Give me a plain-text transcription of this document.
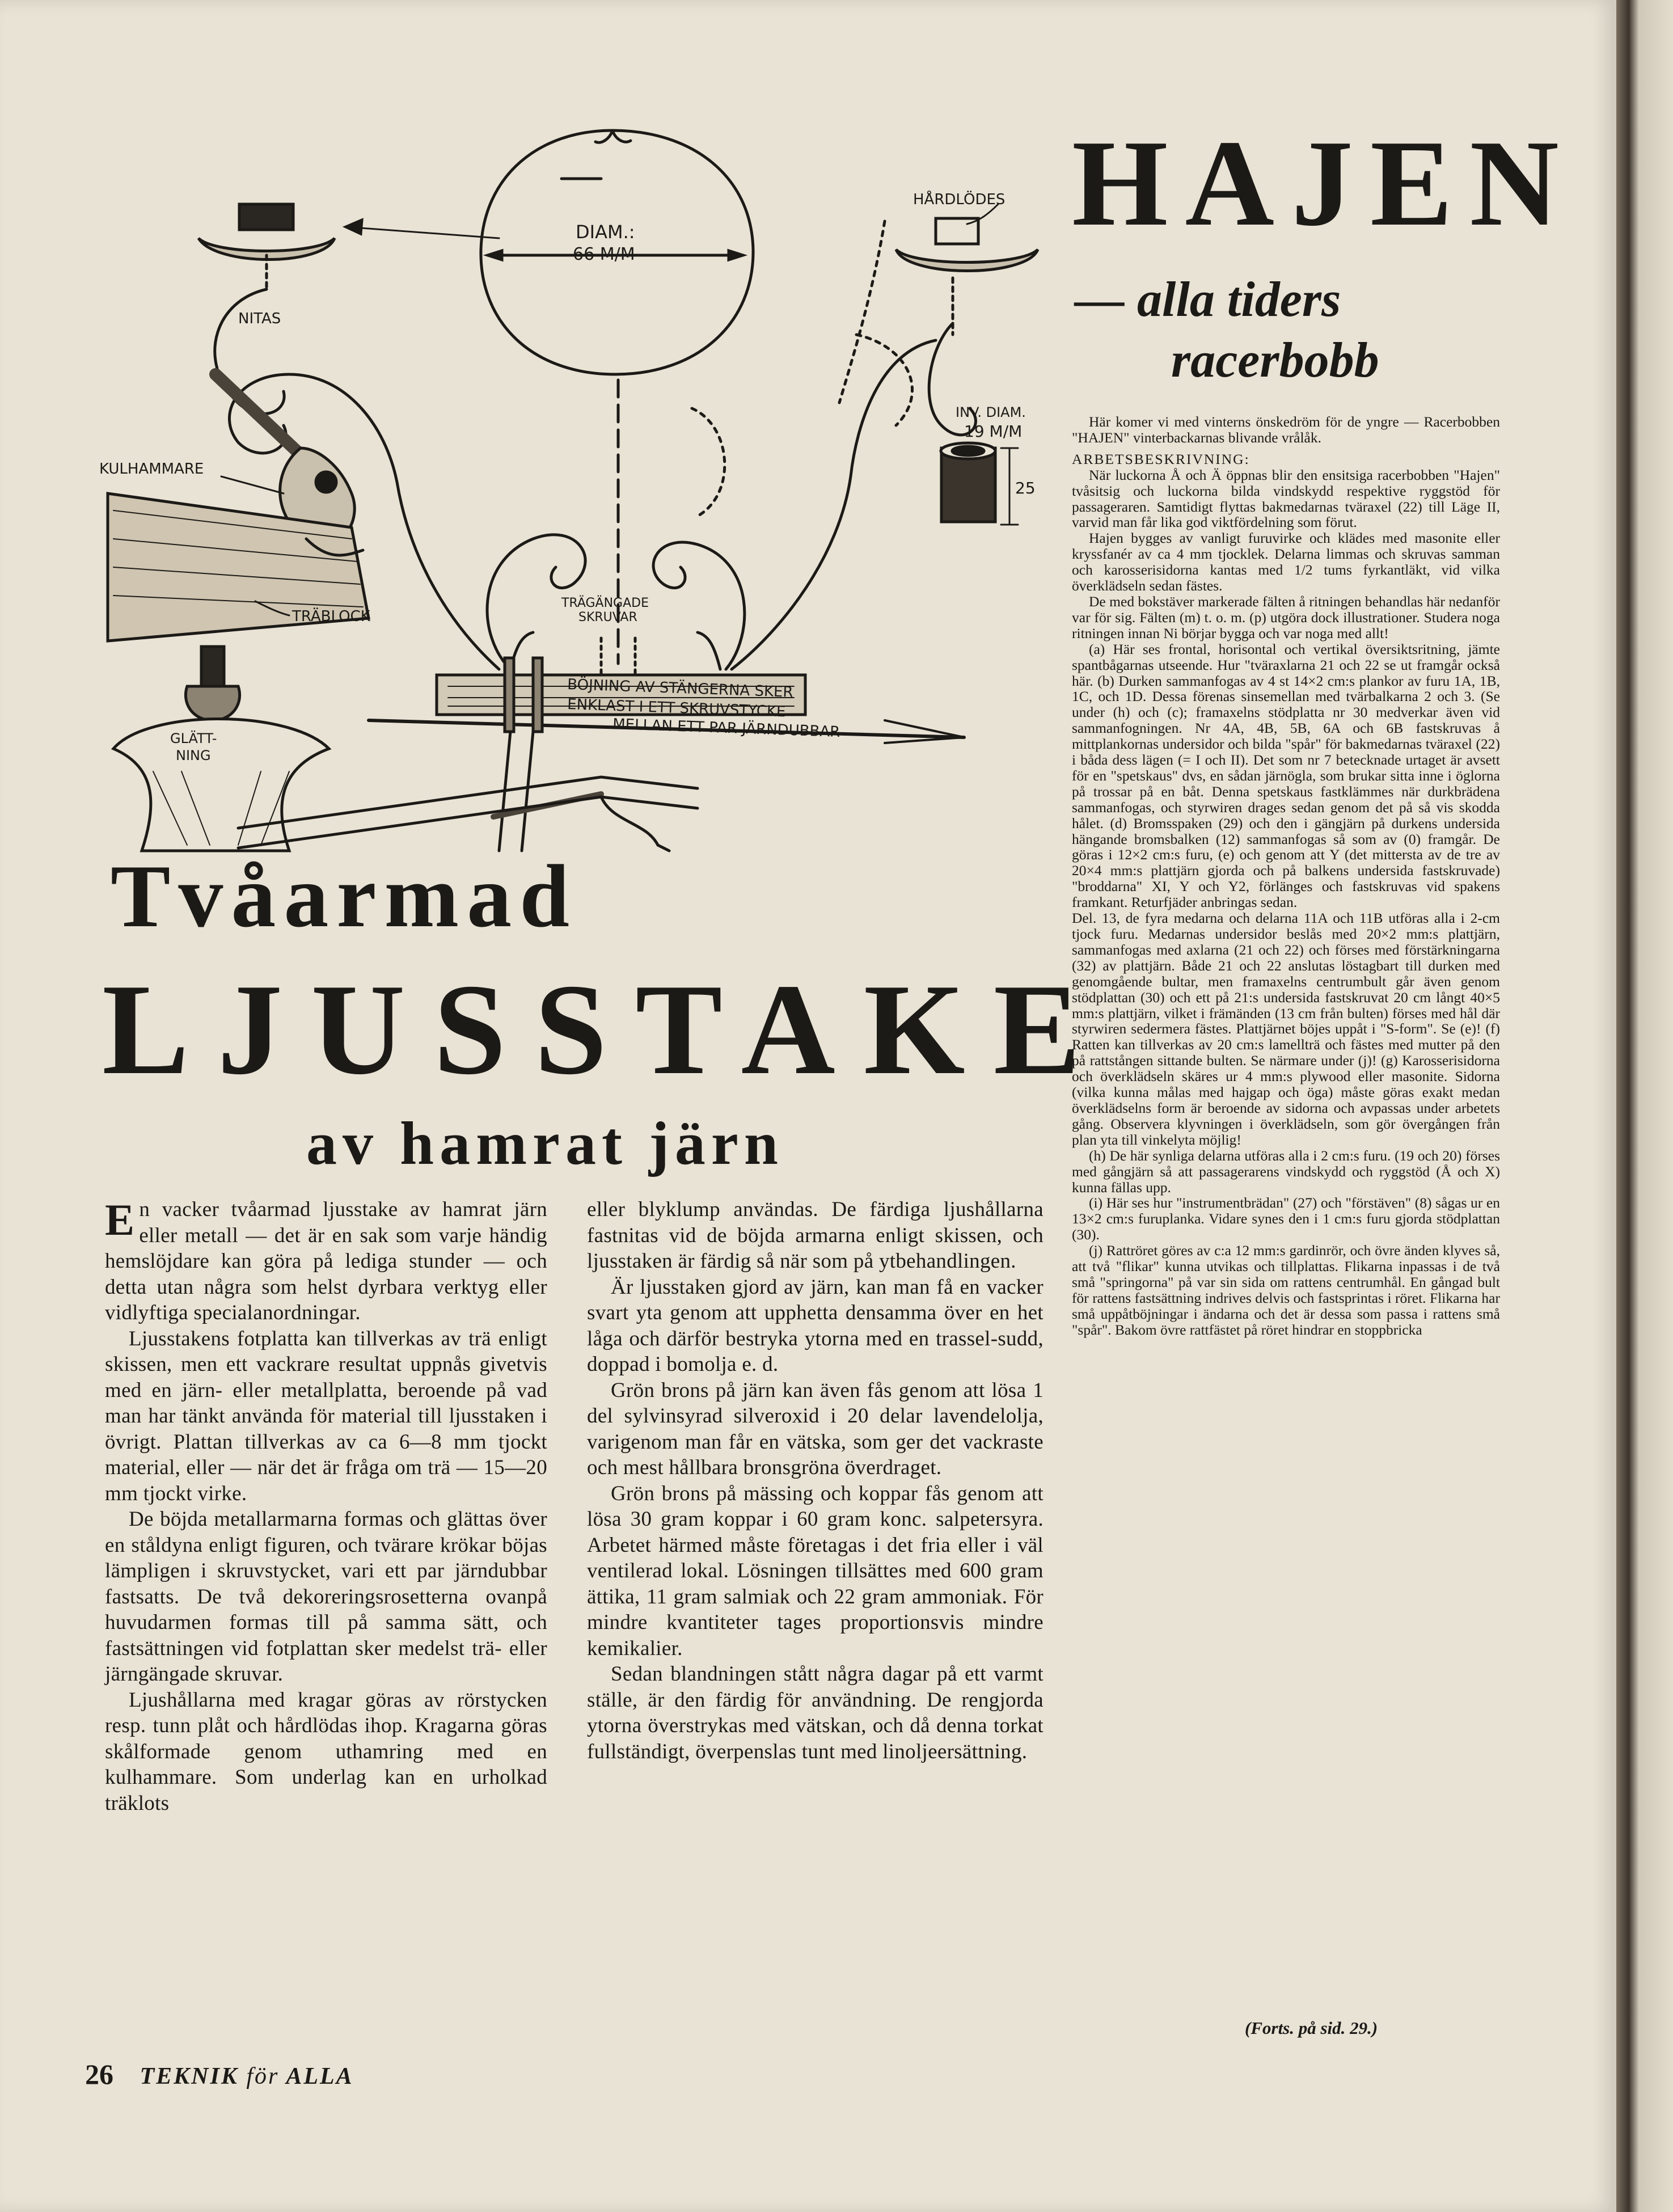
DIAM.:
66 M/M
TRÄGÄNGADE
SKRUVAR
NITAS
HÅRDLÖDES
INV. DIAM.
19 M/M
25
KULHAMMARE
TRÄBLOCK
GLÄTT-
NING
BÖJNING AV STÄNGERNA SKER
ENKLAST I ETT SKRUVSTYCKE
MELLAN ETT PAR JÄRNDUBBAR
Tvåarmad
LJUSSTAKE
av hamrat järn

En vacker tvåarmad ljusstake av hamrat järn eller metall — det är en sak som varje händig hemslöjdare kan göra på lediga stunder — och detta utan några som helst dyrbara verktyg eller vidlyftiga specialanordningar.

Ljusstakens fotplatta kan tillverkas av trä enligt skissen, men ett vackrare resultat uppnås givetvis med en järn- eller metallplatta, beroende på vad man har tänkt använda för material till ljusstaken i övrigt. Plattan tillverkas av ca 6—8 mm tjockt material, eller — när det är fråga om trä — 15—20 mm tjockt virke.

De böjda metallarmarna formas och glättas över en ståldyna enligt figuren, och tvärare krökar böjas lämpligen i skruvstycket, vari ett par järndubbar fastsatts. De två dekoreringsrosetterna ovanpå huvudarmen formas till på samma sätt, och fastsättningen vid fotplattan sker medelst trä- eller järngängade skruvar.

Ljushållarna med kragar göras av rörstycken resp. tunn plåt och hårdlödas ihop. Kragarna göras skålformade genom uthamring med en kulhammare. Som underlag kan en urholkad träklots

eller blyklump användas. De färdiga ljushållarna fastnitas vid de böjda armarna enligt skissen, och ljusstaken är färdig så när som på ytbehandlingen.

Är ljusstaken gjord av järn, kan man få en vacker svart yta genom att upphetta densamma över en het låga och därför bestryka ytorna med en trassel-sudd, doppad i bomolja e. d.

Grön brons på järn kan även fås genom att lösa 1 del sylvinsyrad silveroxid i 20 delar lavendelolja, varigenom man får en vätska, som ger det vackraste och mest hållbara bronsgröna överdraget.

Grön brons på mässing och koppar fås genom att lösa 30 gram koppar i 60 gram konc. salpetersyra. Arbetet härmed måste företagas i det fria eller i väl ventilerad lokal. Lösningen tillsättes med 600 gram ättika, 11 gram salmiak och 22 gram ammoniak. För mindre kvantiteter tages proportionsvis mindre kemikalier.

Sedan blandningen stått några dagar på ett varmt ställe, är den färdig för användning. De rengjorda ytorna överstrykas med vätskan, och då denna torkat fullständigt, överpenslas tunt med linoljeersättning.

HAJEN
— alla tiders
racerbobb

Här komer vi med vinterns önskedröm för de yngre — Racerbobben "HAJEN" vinterbackarnas blivande vrålåk.

ARBETSBESKRIVNING:

När luckorna Å och Ä öppnas blir den ensitsiga racerbobben "Hajen" tvåsitsig och luckorna bilda vindskydd respektive ryggstöd för passageraren. Samtidigt flyttas bakmedarnas tväraxel (22) till Läge II, varvid man får lika god viktfördelning som förut.

Hajen bygges av vanligt furuvirke och klädes med masonite eller kryssfanér av ca 4 mm tjocklek. Delarna limmas och skruvas samman och karosserisidorna kantas med 1/2 tums fyrkantläkt, vid vilka överklädseln sedan fästes.

De med bokstäver markerade fälten å ritningen behandlas här nedanför var för sig. Fälten (m) t. o. m. (p) utgöra dock illustrationer. Studera noga ritningen innan Ni börjar bygga och var noga med allt!

(a) Här ses frontal, horisontal och vertikal översiktsritning, jämte spantbågarnas utseende. Hur "tväraxlarna 21 och 22 se ut framgår också här. (b) Durken sammanfogas av 4 st 14×2 cm:s plankor av furu 1A, 1B, 1C, och 1D. Dessa förenas sinsemellan med tvärbalkarna 2 och 3. (Se under (h) och (c); framaxelns stödplatta nr 30 medverkar även vid sammanfogningen. Nr 4A, 4B, 5B, 6A och 6B fastskruvas å mittplankornas undersidor och bilda "spår" för bakmedarnas tväraxel (22) i båda dess lägen (= I och II). Det som nr 7 betecknade urtaget är avsett för en "spetskaus" dvs, en sådan järnögla, som brukar sitta inne i öglorna på trossar på en båt. Denna spetskaus fastklämmes när durkbrädena sammanfogas, och styrwiren drages sedan genom det på så vis skodda hålet. (d) Bromsspaken (29) och den i gängjärn på durkens undersida hängande bromsbalken (12) sammanfogas så som av (0) framgår. De göras i 12×2 cm:s furu, (e) och genom att Y (det mittersta av de tre av 20×4 mm:s plattjärn gjorda och på balkens undersida fastskruvade) "broddarna" XI, Y och Y2, förlänges och fastskruvas vid spakens framkant. Returfjäder anbringas sedan.

Del. 13, de fyra medarna och delarna 11A och 11B utföras alla i 2-cm tjock furu. Medarnas undersidor beslås med 20×2 mm:s plattjärn, sammanfogas med axlarna (21 och 22) och förses med förstärkningarna (32) av plattjärn. Både 21 och 22 anslutas löstagbart till durken med genomgående bultar, men framaxelns centrumbult går även genom stödplattan (30) och ett på 21:s undersida fastskruvat 20 cm långt 40×5 mm:s plattjärn, vilket i främänden (13 cm från bulten) förses med hål där styrwiren sedermera fästes. Plattjärnet böjes uppåt i "S-form". Se (e)! (f) Ratten kan tillverkas av 20 cm:s lamellträ och fästes med mutter på den på rattstången sittande bulten. Se närmare under (j)! (g) Karosserisidorna och överklädseln skäres ur 4 mm:s plywood eller masonite. Sidorna (vilka kunna målas med hajgap och öga) måste göras exakt medan överklädselns form är beroende av sidorna och avpassas under arbetets gång. Observera klyvningen i överklädseln, som gör övergången från plan yta till vinkelyta möjlig!

(h) De här synliga delarna utföras alla i 2 cm:s furu. (19 och 20) förses med gångjärn så att passagerarens vindskydd och ryggstöd (Å och X) kunna fällas upp.

(i) Här ses hur "instrumentbrädan" (27) och "förstäven" (8) sågas ur en 13×2 cm:s furuplanka. Vidare synes den i 1 cm:s furu gjorda stödplattan (30).

(j) Rattröret göres av c:a 12 mm:s gardinrör, och övre änden klyves så, att två "flikar" kunna utvikas och tillplattas. Flikarna inpassas i de två små "springorna" på var sin sida om rattens centrumhål. En gångad bult för rattens fastsättning indrives delvis och fastsprintas i röret. Flikarna har små uppåtböjningar i ändarna och det är dessa som passa i rattens små "spår". Bakom övre rattfästet på röret hindrar en stoppbricka

(Forts. på sid. 29.)
26 TEKNIK för ALLA
